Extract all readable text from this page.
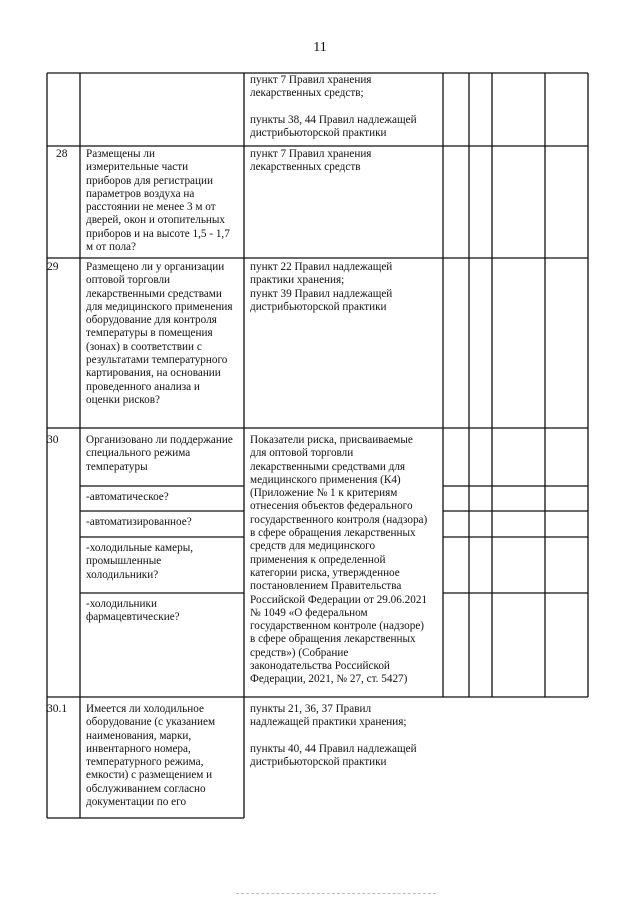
11
пункт 7 Правил хранения
лекарственных средств;

пункты 38, 44 Правил надлежащей
дистрибьюторской практики
28 Размещены ли
измерительные части
приборов для регистрации
параметров воздуха на
расстоянии не менее 3 м от
дверей, окон и отопительных
приборов и на высоте 1,5 - 1,7
м от пола?
пункт 7 Правил хранения
лекарственных средств
29 Размещено ли у организации
оптовой торговли
лекарственными средствами
для медицинского применения
оборудование для контроля
температуры в помещения
(зонах) в соответствии с
результатами температурного
картирования, на основании
проведенного анализа и
оценки рисков?
пункт 22 Правил надлежащей
практики хранения;
пункт 39 Правил надлежащей
дистрибьюторской практики
30 Организовано ли поддержание
специального режима
температуры
-автоматическое?
-автоматизированное?
-холодильные камеры,
промышленные
холодильники?
-холодильники
фармацевтические?
Показатели риска, присваиваемые
для оптовой торговли
лекарственными средствами для
медицинского применения (К4)
(Приложение № 1 к критериям
отнесения объектов федерального
государственного контроля (надзора)
в сфере обращения лекарственных
средств для медицинского
применения к определенной
категории риска, утвержденное
постановлением Правительства
Российской Федерации от 29.06.2021
№ 1049 «О федеральном
государственном контроле (надзоре)
в сфере обращения лекарственных
средств») (Собрание
законодательства Российской
Федерации, 2021, № 27, ст. 5427)
30.1 Имеется ли холодильное
оборудование (с указанием
наименования, марки,
инвентарного номера,
температурного режима,
емкости) с размещением и
обслуживанием согласно
документации по его
пункты 21, 36, 37 Правил
надлежащей практики хранения;

пункты 40, 44 Правил надлежащей
дистрибьюторской практики
